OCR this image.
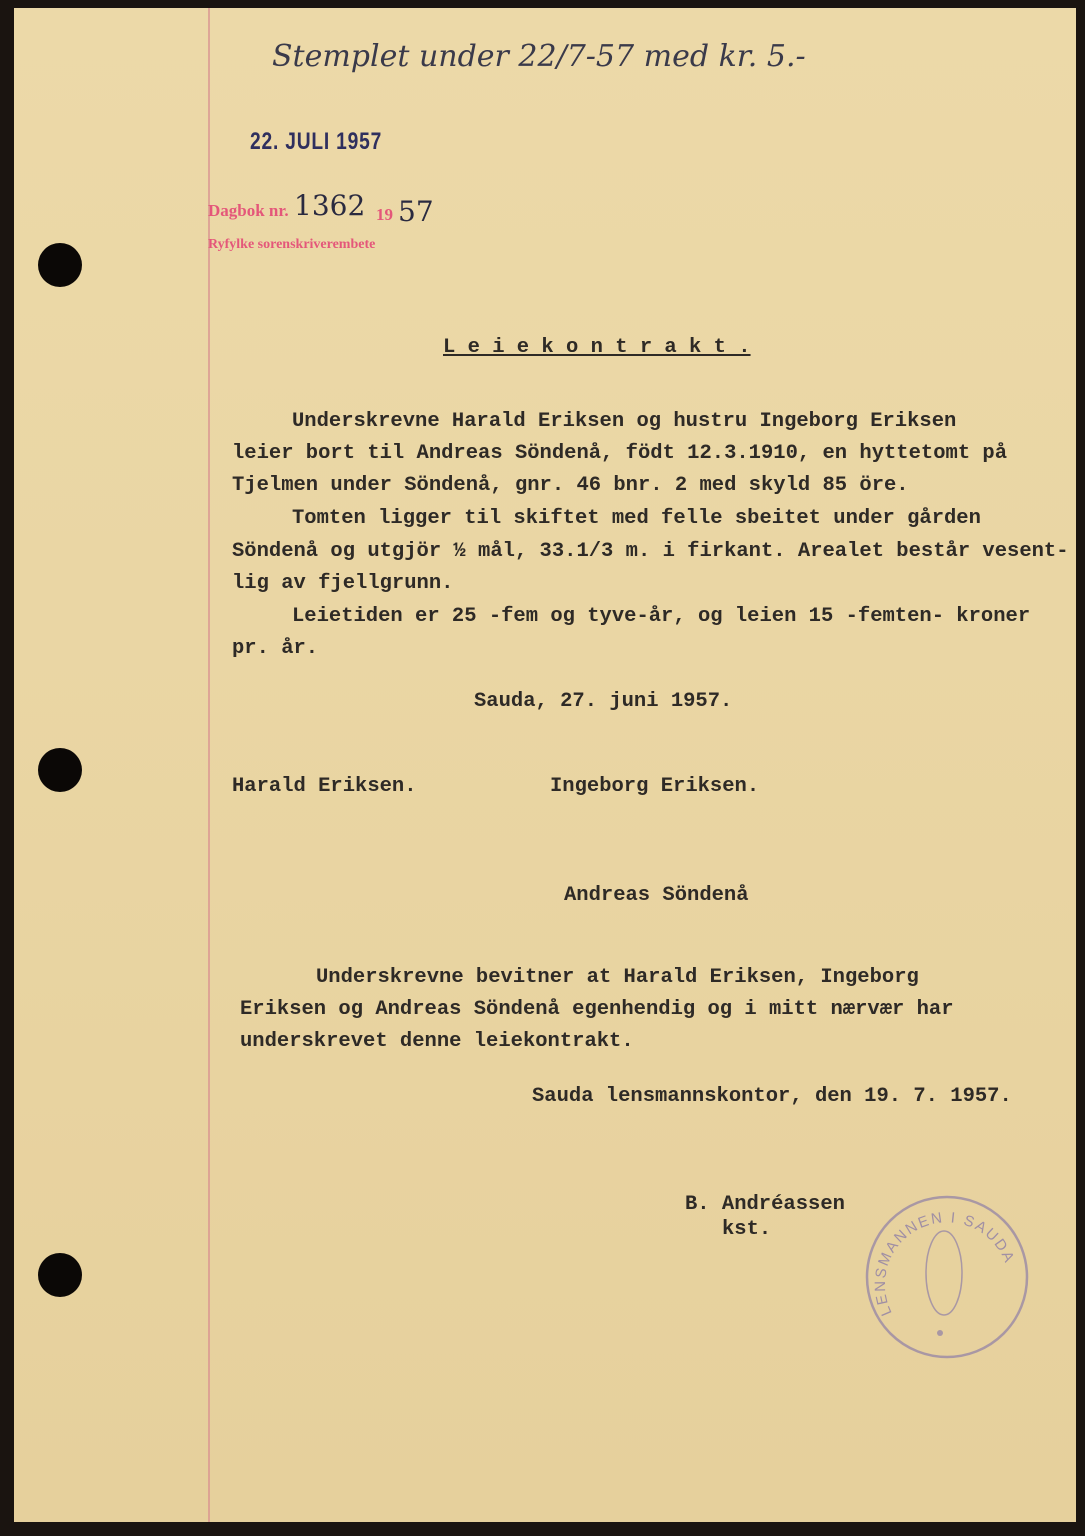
Stemplet under 22/7-57 med kr. 5.-
22. JULI 1957
Dagbok nr. 1362 19 57
Ryfylke sorenskriverembete
L e i e k o n t r a k t .
Underskrevne Harald Eriksen og hustru Ingeborg Eriksen
leier bort til Andreas Söndenå, födt 12.3.1910, en hyttetomt på
Tjelmen under Söndenå, gnr. 46 bnr. 2 med skyld 85 öre.
Tomten ligger til skiftet med felle sbeitet under gården
Söndenå og utgjör ½ mål, 33.1/3 m. i firkant. Arealet består vesent-
lig av fjellgrunn.
Leietiden er 25 -fem og tyve-år, og leien 15 -femten- kroner
pr. år.
Sauda, 27. juni 1957.
Harald Eriksen.	Ingeborg Eriksen.
Andreas Söndenå
Underskrevne bevitner at Harald Eriksen, Ingeborg
Eriksen og Andreas Söndenå egenhendig og i mitt nærvær har
underskrevet denne leiekontrakt.
Sauda lensmannskontor, den 19. 7. 1957.
B. Andréassen
kst.
LENSMANNEN I SAUDA
